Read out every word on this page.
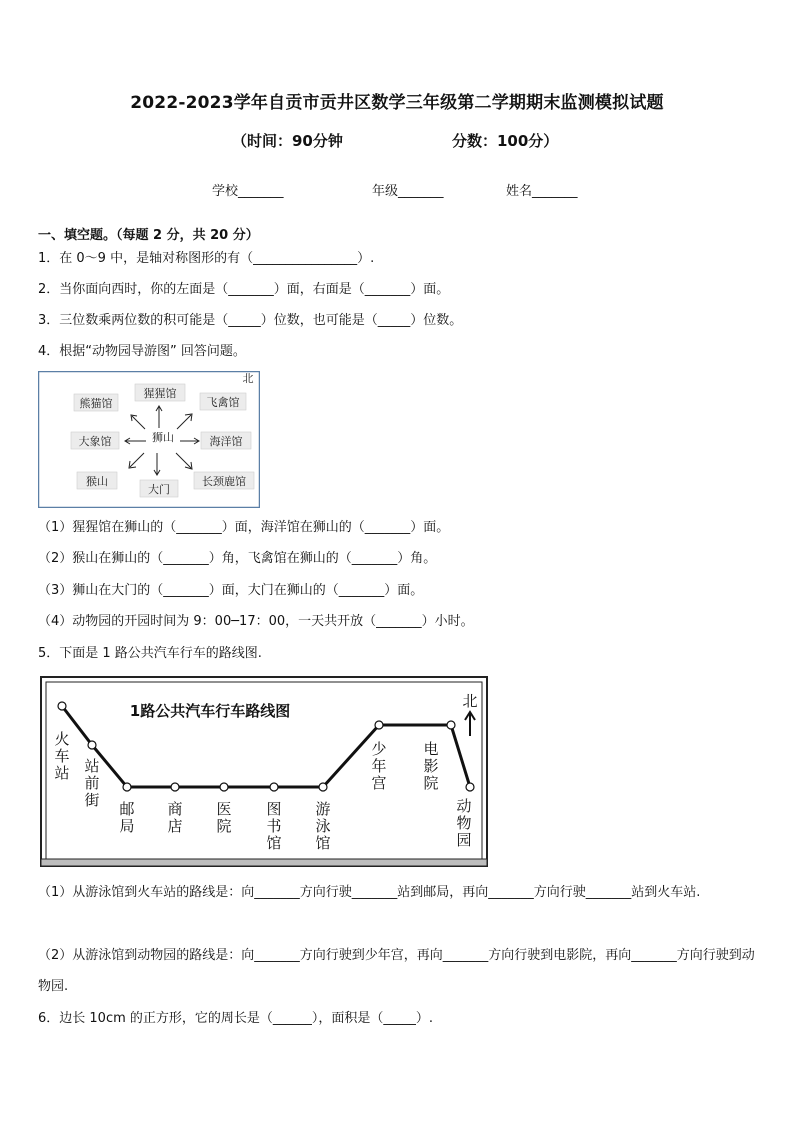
2022-2023学年自贡市贡井区数学三年级第二学期期末监测模拟试题
（时间：90分钟	分数：100分）
学校_______	年级_______	姓名_______
一、填空题。（每题 2 分，共 20 分）
1．在 0～9 中，是轴对称图形的有（________________）.
2．当你面向西时，你的左面是（_______）面，右面是（_______）面。
3．三位数乘两位数的积可能是（_____）位数，也可能是（_____）位数。
4．根据“动物园导游图” 回答问题。
北
狮山
猩猩馆
熊猫馆	飞禽馆
大象馆	海洋馆
猴山
大门
长颈鹿馆
（1）猩猩馆在狮山的（_______）面，海洋馆在狮山的（_______）面。
（2）猴山在狮山的（_______）角，飞禽馆在狮山的（_______）角。
（3）狮山在大门的（_______）面，大门在狮山的（_______）面。
（4）动物园的开园时间为 9：00─17：00，一天共开放（_______）小时。
5．下面是 1 路公共汽车行车的路线图.
1路公共汽车行车路线图
北
火车站 站前街 邮局
商店
医院
图书馆
游泳馆
少年宫
电影院
动物园
（1）从游泳馆到火车站的路线是：向_______方向行驶_______站到邮局，再向_______方向行驶_______站到火车站.
（2）从游泳馆到动物园的路线是：向_______方向行驶到少年宫，再向_______方向行驶到电影院，再向_______方向行驶到动物园.
6．边长 10cm 的正方形，它的周长是（______），面积是（_____）.
